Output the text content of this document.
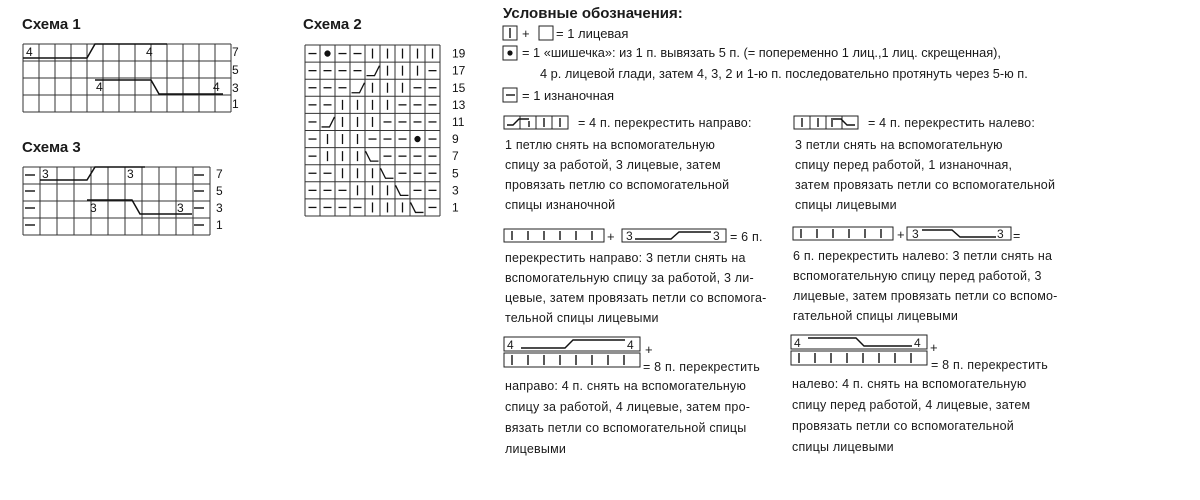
Схема 1
Схема 3
Схема 2
4	4
4	4
7
5
3
1
3	3
3	3
7
5
3
1
19
17
15
13
11
9
7
5
3
1
Условные обозначения:
+ = 1 лицевая
= 1 «шишечка»: из 1 п. вывязать 5 п. (= попеременно 1 лиц.,1 лиц. скрещенная),
4 р. лицевой глади, затем 4, 3, 2 и 1-ю п. последовательно протянуть через 5-ю п.
= 1 изнаночная
= 4 п. перекрестить направо:
1 петлю снять на вспомогательную
спицу за работой, 3 лицевые, затем
провязать петлю со вспомогательной
спицы изнаночной
= 4 п. перекрестить налево:
3 петли снять на вспомогательную
спицу перед работой, 1 изнаночная,
затем провязать петли со вспомогательной
спицы лицевыми
+ 3	3 = 6 п.
перекрестить направо: 3 петли снять на
вспомогательную спицу за работой, 3 ли-
цевые, затем провязать петли со вспомога-
тельной спицы лицевыми
+ 3	3 =
6 п. перекрестить налево: 3 петли снять на
вспомогательную спицу перед работой, 3
лицевые, затем провязать петли со вспомо-
гательной спицы лицевыми
4	4 +
= 8 п. перекрестить
направо: 4 п. снять на вспомогательную
спицу за работой, 4 лицевые, затем про-
вязать петли со вспомогательной спицы
лицевыми
4	4 +
= 8 п. перекрестить
налево: 4 п. снять на вспомогательную
спицу перед работой, 4 лицевые, затем
провязать петли со вспомогательной
спицы лицевыми
